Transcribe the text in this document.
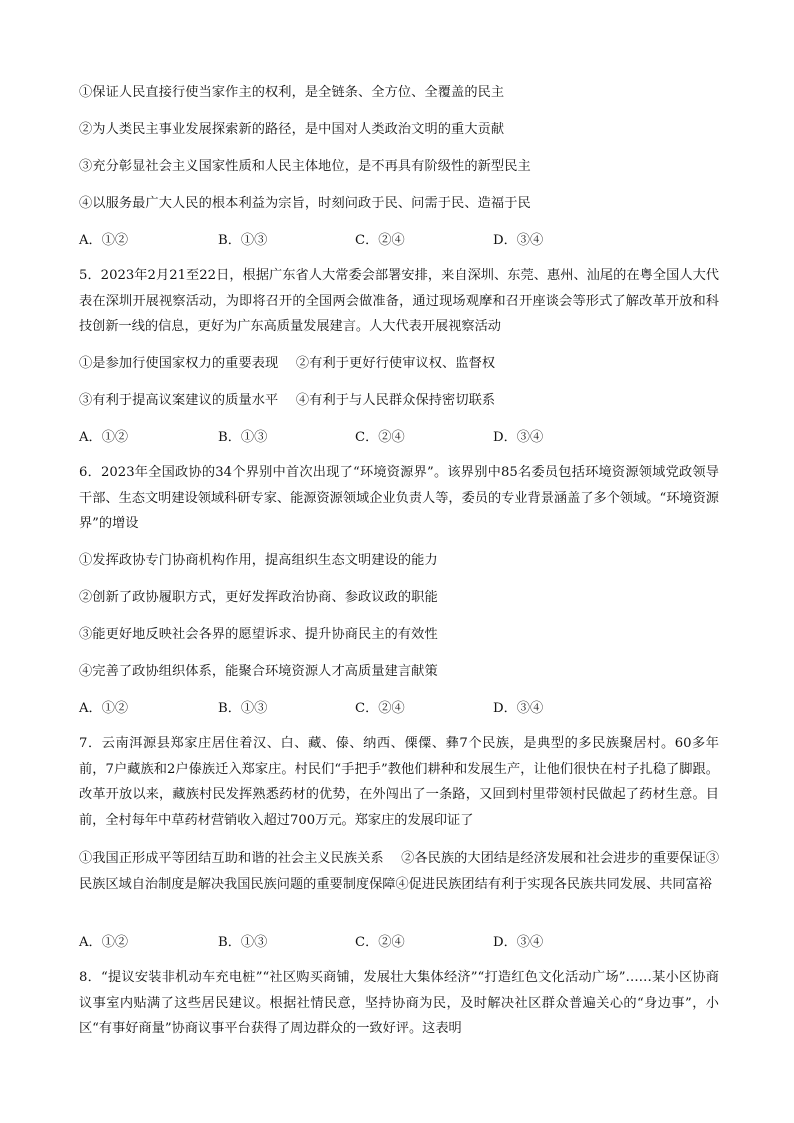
①保证人民直接行使当家作主的权利，是全链条、全方位、全覆盖的民主
②为人类民主事业发展探索新的路径，是中国对人类政治文明的重大贡献
③充分彰显社会主义国家性质和人民主体地位，是不再具有阶级性的新型民主
④以服务最广大人民的根本利益为宗旨，时刻问政于民、问需于民、造福于民
A．①②	B．①③	C．②④	D．③④
5．2023年2月21至22日，根据广东省人大常委会部署安排，来自深圳、东莞、惠州、汕尾的在粤全国人大代表在深圳开展视察活动，为即将召开的全国两会做准备，通过现场观摩和召开座谈会等形式了解改革开放和科技创新一线的信息，更好为广东高质量发展建言。人大代表开展视察活动
①是参加行使国家权力的重要表现　 ②有利于更好行使审议权、监督权
③有利于提高议案建议的质量水平　 ④有利于与人民群众保持密切联系
A．①②	B．①③	C．②④	D．③④
6．2023年全国政协的34个界别中首次出现了“环境资源界”。该界别中85名委员包括环境资源领域党政领导干部、生态文明建设领域科研专家、能源资源领域企业负责人等，委员的专业背景涵盖了多个领域。“环境资源界”的增设
①发挥政协专门协商机构作用，提高组织生态文明建设的能力
②创新了政协履职方式，更好发挥政治协商、参政议政的职能
③能更好地反映社会各界的愿望诉求、提升协商民主的有效性
④完善了政协组织体系，能聚合环境资源人才高质量建言献策
A．①②	B．①③	C．②④	D．③④
7．云南洱源县郑家庄居住着汉、白、藏、傣、纳西、傈僳、彝7个民族，是典型的多民族聚居村。60多年前，7户藏族和2户傣族迁入郑家庄。村民们“手把手”教他们耕种和发展生产，让他们很快在村子扎稳了脚跟。改革开放以来，藏族村民发挥熟悉药材的优势，在外闯出了一条路，又回到村里带领村民做起了药材生意。目前，全村每年中草药材营销收入超过700万元。郑家庄的发展印证了
①我国正形成平等团结互助和谐的社会主义民族关系　 ②各民族的大团结是经济发展和社会进步的重要保证③民族区域自治制度是解决我国民族问题的重要制度保障④促进民族团结有利于实现各民族共同发展、共同富裕
A．①②	B．①③	C．②④	D．③④
8．“提议安装非机动车充电桩”“社区购买商铺，发展壮大集体经济”“打造红色文化活动广场”……某小区协商议事室内贴满了这些居民建议。根据社情民意，坚持协商为民，及时解决社区群众普遍关心的“身边事”，小区“有事好商量”协商议事平台获得了周边群众的一致好评。这表明
